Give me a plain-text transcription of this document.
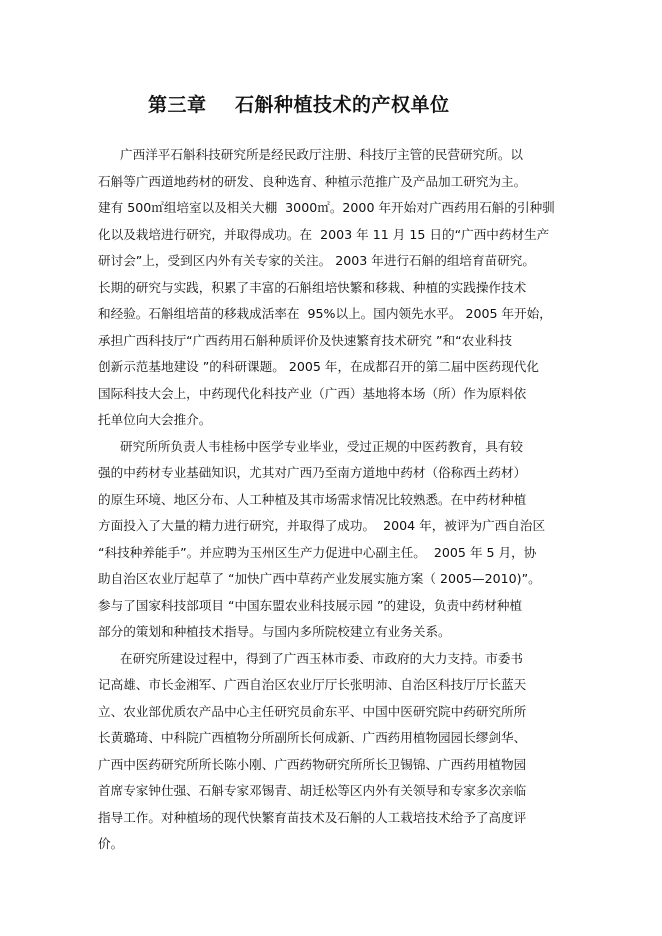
第三章    石斛种植技术的产权单位
广西洋平石斛科技研究所是经民政厅注册、科技厅主管的民营研究所。以
石斛等广西道地药材的研发、良种选育、种植示范推广及产品加工研究为主。
建有 500㎡组培室以及相关大棚  3000㎡。2000 年开始对广西药用石斛的引种驯
化以及栽培进行研究，并取得成功。在  2003 年 11 月 15 日的“广西中药材生产
研讨会”上，受到区内外有关专家的关注。 2003 年进行石斛的组培育苗研究。
长期的研究与实践，积累了丰富的石斛组培快繁和移栽、种植的实践操作技术
和经验。石斛组培苗的移栽成活率在  95%以上。国内领先水平。 2005 年开始，
承担广西科技厅“广西药用石斛种质评价及快速繁育技术研究 ”和“农业科技
创新示范基地建设 ”的科研课题。 2005 年，在成都召开的第二届中医药现代化
国际科技大会上，中药现代化科技产业（广西）基地将本场（所）作为原料依
托单位向大会推介。
研究所所负责人韦桂杨中医学专业毕业，受过正规的中医药教育，具有较
强的中药材专业基础知识，尤其对广西乃至南方道地中药材（俗称西土药材）
的原生环境、地区分布、人工种植及其市场需求情况比较熟悉。在中药材种植
方面投入了大量的精力进行研究，并取得了成功。  2004 年，被评为广西自治区
“科技种养能手”。并应聘为玉州区生产力促进中心副主任。  2005 年 5 月，协
助自治区农业厅起草了 “加快广西中草药产业发展实施方案（ 2005—2010)”。
参与了国家科技部项目 “中国东盟农业科技展示园 ”的建设，负责中药材种植
部分的策划和种植技术指导。与国内多所院校建立有业务关系。
在研究所建设过程中，得到了广西玉林市委、市政府的大力支持。市委书
记高雄、市长金湘军、广西自治区农业厅厅长张明沛、自治区科技厅厅长蓝天
立、农业部优质农产品中心主任研究员俞东平、中国中医研究院中药研究所所
长黄璐琦、中科院广西植物分所副所长何成新、广西药用植物园园长缪剑华、
广西中医药研究所所长陈小刚、广西药物研究所所长卫锡锦、广西药用植物园
首席专家钟仕强、石斛专家邓锡青、胡迁松等区内外有关领导和专家多次亲临
指导工作。对种植场的现代快繁育苗技术及石斛的人工栽培技术给予了高度评
价。
